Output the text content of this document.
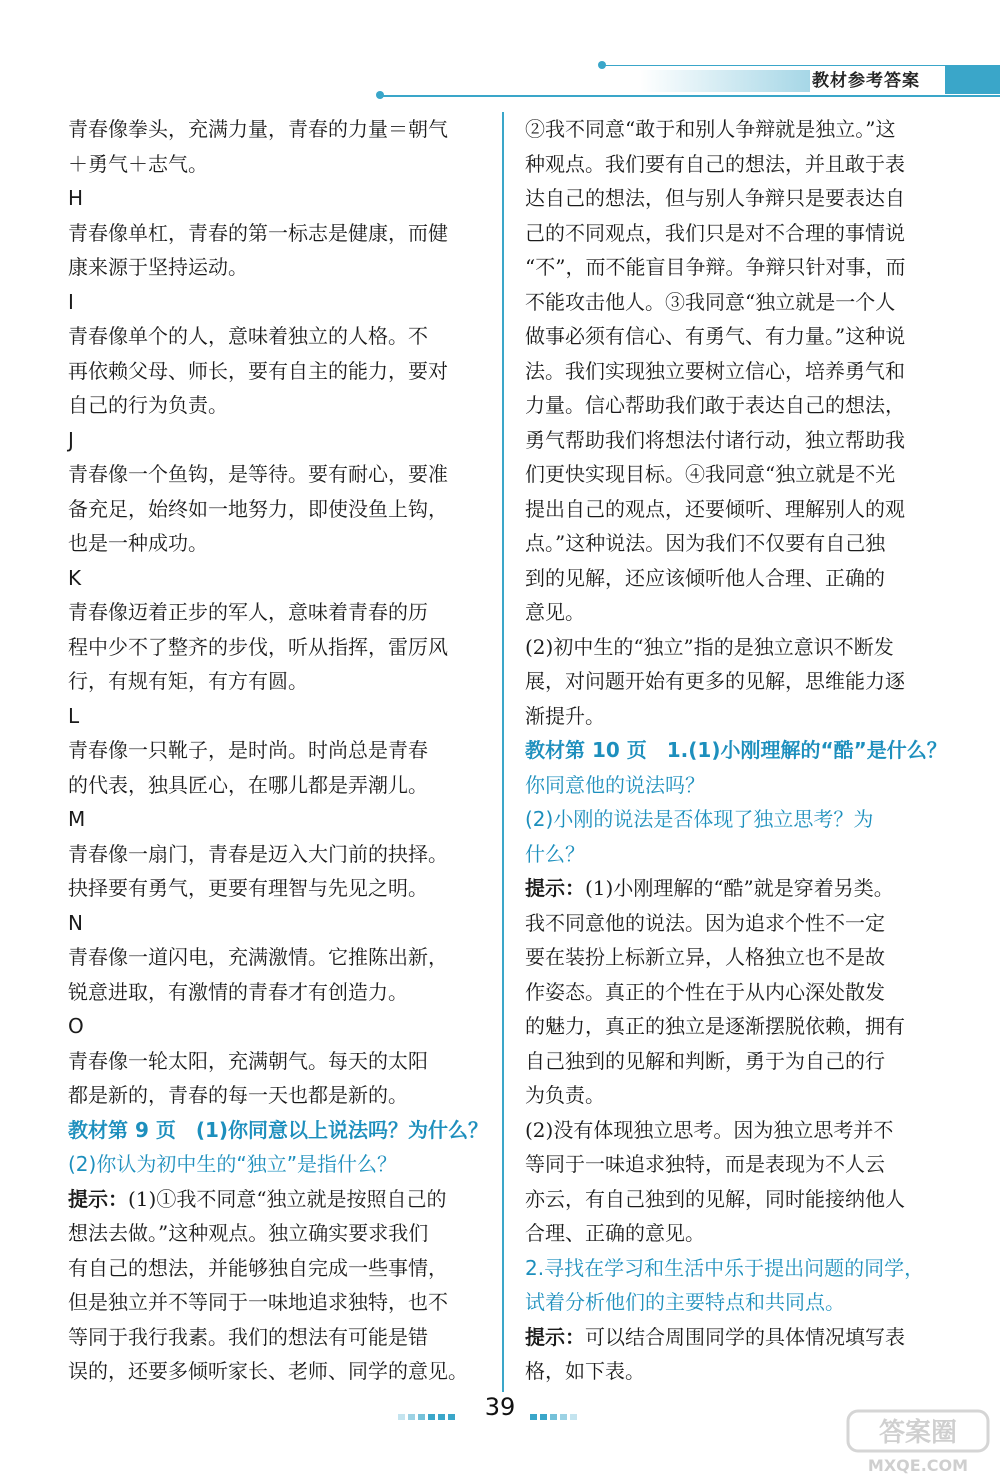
教材参考答案
青春像拳头，充满力量，青春的力量＝朝气
＋勇气＋志气。
H
青春像单杠，青春的第一标志是健康，而健
康来源于坚持运动。
I
青春像单个的人，意味着独立的人格。不
再依赖父母、师长，要有自主的能力，要对
自己的行为负责。
J
青春像一个鱼钩，是等待。要有耐心，要准
备充足，始终如一地努力，即使没鱼上钩，
也是一种成功。
K
青春像迈着正步的军人，意味着青春的历
程中少不了整齐的步伐，听从指挥，雷厉风
行，有规有矩，有方有圆。
L
青春像一只靴子，是时尚。时尚总是青春
的代表，独具匠心，在哪儿都是弄潮儿。
M
青春像一扇门，青春是迈入大门前的抉择。
抉择要有勇气，更要有理智与先见之明。
N
青春像一道闪电，充满激情。它推陈出新，
锐意进取，有激情的青春才有创造力。
O
青春像一轮太阳，充满朝气。每天的太阳
都是新的，青春的每一天也都是新的。
教材第 9 页　(1)你同意以上说法吗？为什么？
(2)你认为初中生的“独立”是指什么？
提示：(1)①我不同意“独立就是按照自己的
想法去做。”这种观点。独立确实要求我们
有自己的想法，并能够独自完成一些事情，
但是独立并不等同于一味地追求独特，也不
等同于我行我素。我们的想法有可能是错
误的，还要多倾听家长、老师、同学的意见。
②我不同意“敢于和别人争辩就是独立。”这
种观点。我们要有自己的想法，并且敢于表
达自己的想法，但与别人争辩只是要表达自
己的不同观点，我们只是对不合理的事情说
“不”，而不能盲目争辩。争辩只针对事，而
不能攻击他人。③我同意“独立就是一个人
做事必须有信心、有勇气、有力量。”这种说
法。我们实现独立要树立信心，培养勇气和
力量。信心帮助我们敢于表达自己的想法，
勇气帮助我们将想法付诸行动，独立帮助我
们更快实现目标。④我同意“独立就是不光
提出自己的观点，还要倾听、理解别人的观
点。”这种说法。因为我们不仅要有自己独
到的见解，还应该倾听他人合理、正确的
意见。
(2)初中生的“独立”指的是独立意识不断发
展，对问题开始有更多的见解，思维能力逐
渐提升。
教材第 10 页　1.(1)小刚理解的“酷”是什么？
你同意他的说法吗？
(2)小刚的说法是否体现了独立思考？为
什么？
提示：(1)小刚理解的“酷”就是穿着另类。
我不同意他的说法。因为追求个性不一定
要在装扮上标新立异，人格独立也不是故
作姿态。真正的个性在于从内心深处散发
的魅力，真正的独立是逐渐摆脱依赖，拥有
自己独到的见解和判断，勇于为自己的行
为负责。
(2)没有体现独立思考。因为独立思考并不
等同于一味追求独特，而是表现为不人云
亦云，有自己独到的见解，同时能接纳他人
合理、正确的意见。
2.寻找在学习和生活中乐于提出问题的同学，
试着分析他们的主要特点和共同点。
提示：可以结合周围同学的具体情况填写表
格，如下表。
39
答案圈
MXQE.COM
